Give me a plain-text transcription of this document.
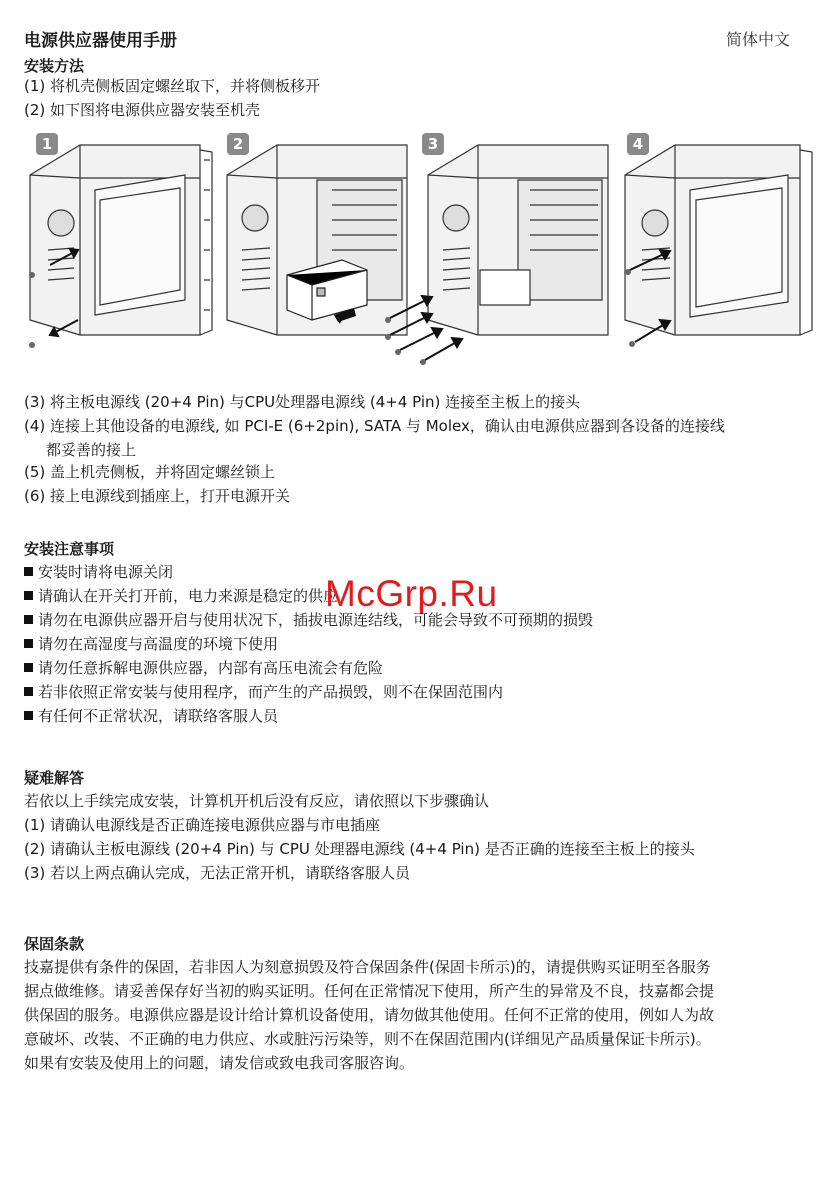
电源供应器使用手册	简体中文
安装方法
(1) 将机壳侧板固定螺丝取下，并将侧板移开
(2) 如下图将电源供应器安装至机壳
1	2	3	4
(3) 将主板电源线 (20+4 Pin) 与CPU处理器电源线 (4+4 Pin) 连接至主板上的接头
(4) 连接上其他设备的电源线, 如 PCI-E (6+2pin), SATA 与 Molex，确认由电源供应器到各设备的连接线
都妥善的接上
(5) 盖上机壳侧板，并将固定螺丝锁上
(6) 接上电源线到插座上，打开电源开关
安装注意事项
安装时请将电源关闭
请确认在开关打开前，电力来源是稳定的供应
请勿在电源供应器开启与使用状况下，插拔电源连结线，可能会导致不可预期的损毁
请勿在高湿度与高温度的环境下使用
请勿任意拆解电源供应器，内部有高压电流会有危险
若非依照正常安装与使用程序，而产生的产品损毁，则不在保固范围内
有任何不正常状况，请联络客服人员
McGrp.Ru
疑难解答
若依以上手续完成安装，计算机开机后没有反应，请依照以下步骤确认
(1) 请确认电源线是否正确连接电源供应器与市电插座
(2) 请确认主板电源线 (20+4 Pin) 与 CPU 处理器电源线 (4+4 Pin) 是否正确的连接至主板上的接头
(3) 若以上两点确认完成，无法正常开机，请联络客服人员
保固条款
技嘉提供有条件的保固，若非因人为刻意损毁及符合保固条件(保固卡所示)的，请提供购买证明至各服务
据点做维修。请妥善保存好当初的购买证明。任何在正常情况下使用，所产生的异常及不良，技嘉都会提
供保固的服务。电源供应器是设计给计算机设备使用，请勿做其他使用。任何不正常的使用，例如人为故
意破坏、改装、不正确的电力供应、水或脏污污染等，则不在保固范围内(详细见产品质量保证卡所示)。
如果有安装及使用上的问题，请发信或致电我司客服咨询。
